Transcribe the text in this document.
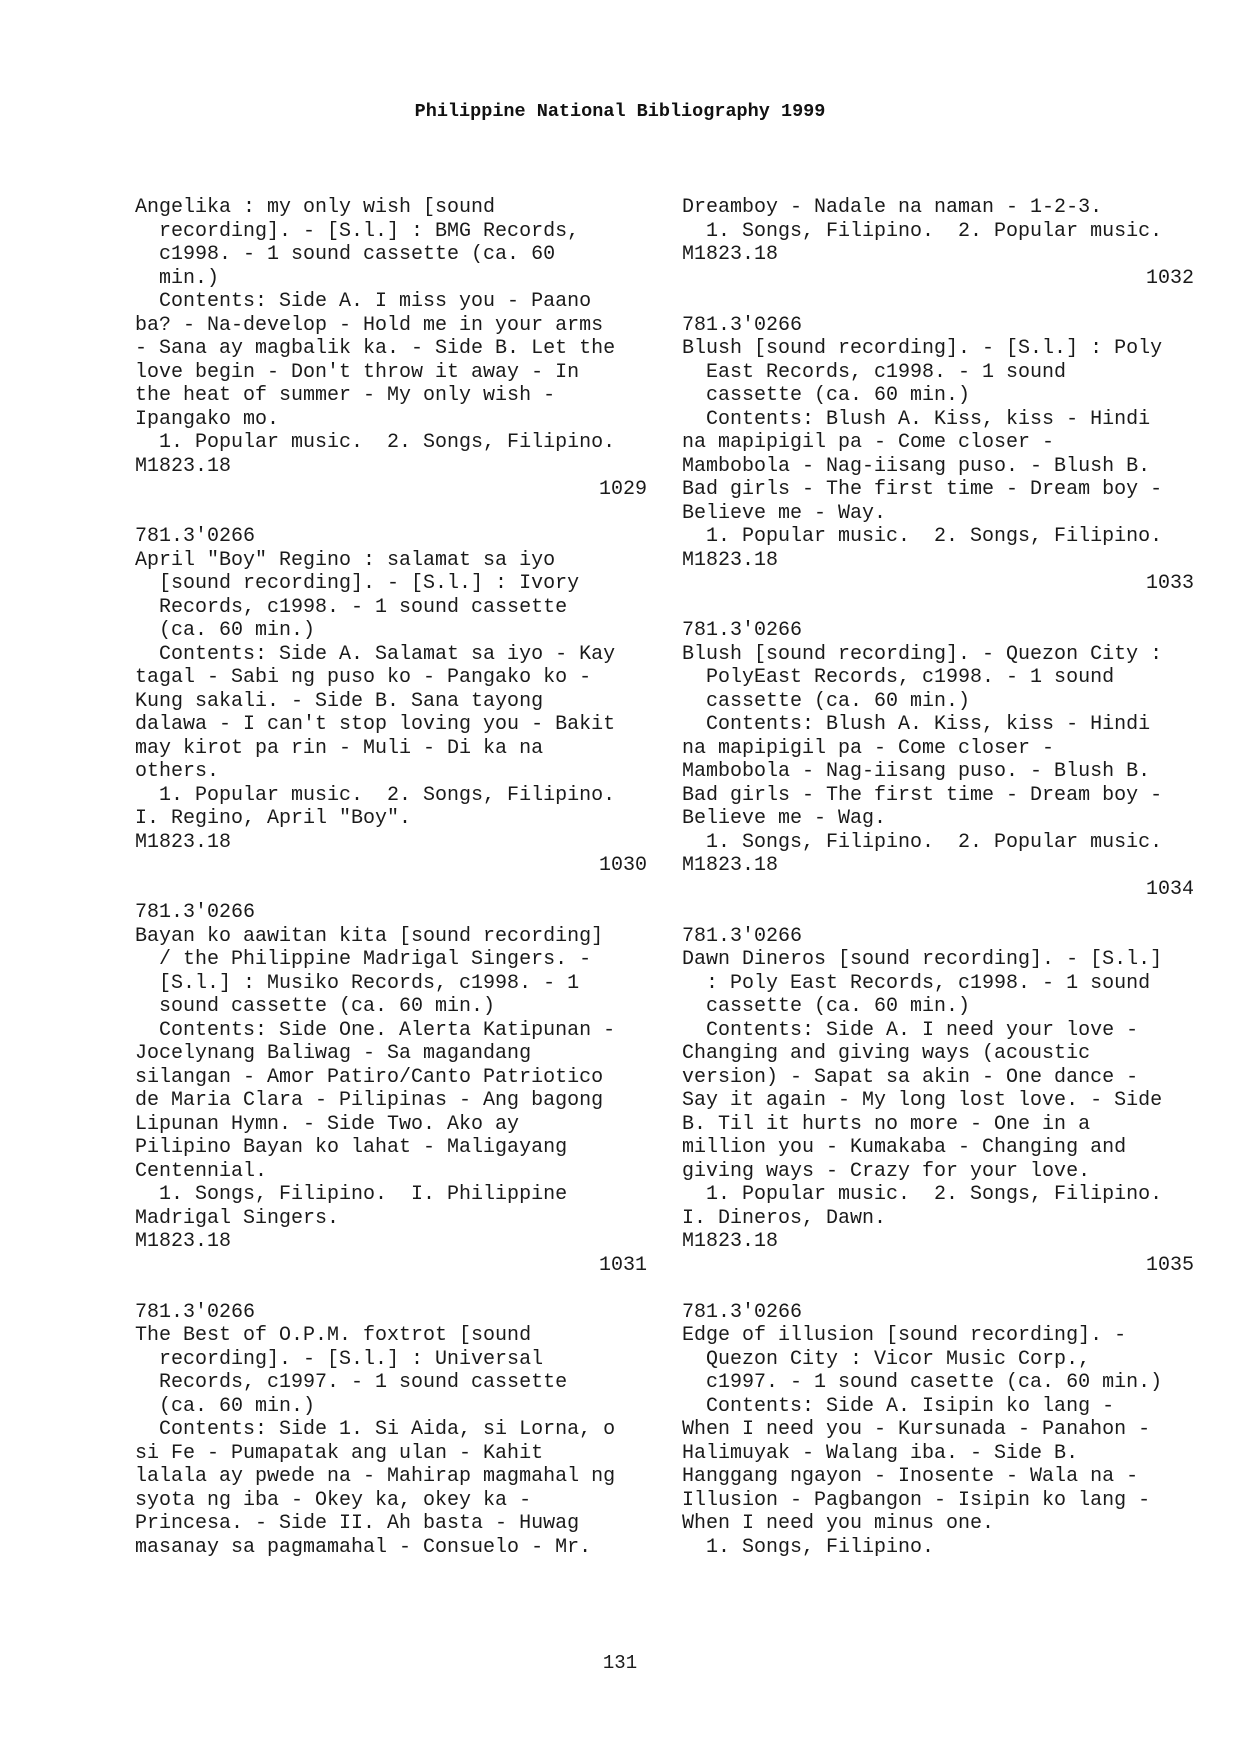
Philippine National Bibliography 1999
Angelika : my only wish [sound
recording]. - [S.l.] : BMG Records,
c1998. - 1 sound cassette (ca. 60
min.)
Contents: Side A. I miss you - Paano
ba? - Na-develop - Hold me in your arms
- Sana ay magbalik ka. - Side B. Let the
love begin - Don't throw it away - In
the heat of summer - My only wish -
Ipangako mo.
1. Popular music.  2. Songs, Filipino.
M1823.18
1029
781.3'0266
April "Boy" Regino : salamat sa iyo
[sound recording]. - [S.l.] : Ivory
Records, c1998. - 1 sound cassette
(ca. 60 min.)
Contents: Side A. Salamat sa iyo - Kay
tagal - Sabi ng puso ko - Pangako ko -
Kung sakali. - Side B. Sana tayong
dalawa - I can't stop loving you - Bakit
may kirot pa rin - Muli - Di ka na
others.
1. Popular music.  2. Songs, Filipino.
I. Regino, April "Boy".
M1823.18
1030
781.3'0266
Bayan ko aawitan kita [sound recording]
/ the Philippine Madrigal Singers. -
[S.l.] : Musiko Records, c1998. - 1
sound cassette (ca. 60 min.)
Contents: Side One. Alerta Katipunan -
Jocelynang Baliwag - Sa magandang
silangan - Amor Patiro/Canto Patriotico
de Maria Clara - Pilipinas - Ang bagong
Lipunan Hymn. - Side Two. Ako ay
Pilipino Bayan ko lahat - Maligayang
Centennial.
1. Songs, Filipino.  I. Philippine
Madrigal Singers.
M1823.18
1031
781.3'0266
The Best of O.P.M. foxtrot [sound
recording]. - [S.l.] : Universal
Records, c1997. - 1 sound cassette
(ca. 60 min.)
Contents: Side 1. Si Aida, si Lorna, o
si Fe - Pumapatak ang ulan - Kahit
lalala ay pwede na - Mahirap magmahal ng
syota ng iba - Okey ka, okey ka -
Princesa. - Side II. Ah basta - Huwag
masanay sa pagmamahal - Consuelo - Mr.
Dreamboy - Nadale na naman - 1-2-3.
1. Songs, Filipino.  2. Popular music.
M1823.18
1032
781.3'0266
Blush [sound recording]. - [S.l.] : Poly
East Records, c1998. - 1 sound
cassette (ca. 60 min.)
Contents: Blush A. Kiss, kiss - Hindi
na mapipigil pa - Come closer -
Mambobola - Nag-iisang puso. - Blush B.
Bad girls - The first time - Dream boy -
Believe me - Way.
1. Popular music.  2. Songs, Filipino.
M1823.18
1033
781.3'0266
Blush [sound recording]. - Quezon City :
PolyEast Records, c1998. - 1 sound
cassette (ca. 60 min.)
Contents: Blush A. Kiss, kiss - Hindi
na mapipigil pa - Come closer -
Mambobola - Nag-iisang puso. - Blush B.
Bad girls - The first time - Dream boy -
Believe me - Wag.
1. Songs, Filipino.  2. Popular music.
M1823.18
1034
781.3'0266
Dawn Dineros [sound recording]. - [S.l.]
: Poly East Records, c1998. - 1 sound
cassette (ca. 60 min.)
Contents: Side A. I need your love -
Changing and giving ways (acoustic
version) - Sapat sa akin - One dance -
Say it again - My long lost love. - Side
B. Til it hurts no more - One in a
million you - Kumakaba - Changing and
giving ways - Crazy for your love.
1. Popular music.  2. Songs, Filipino.
I. Dineros, Dawn.
M1823.18
1035
781.3'0266
Edge of illusion [sound recording]. -
Quezon City : Vicor Music Corp.,
c1997. - 1 sound casette (ca. 60 min.)
Contents: Side A. Isipin ko lang -
When I need you - Kursunada - Panahon -
Halimuyak - Walang iba. - Side B.
Hanggang ngayon - Inosente - Wala na -
Illusion - Pagbangon - Isipin ko lang -
When I need you minus one.
1. Songs, Filipino.
131
